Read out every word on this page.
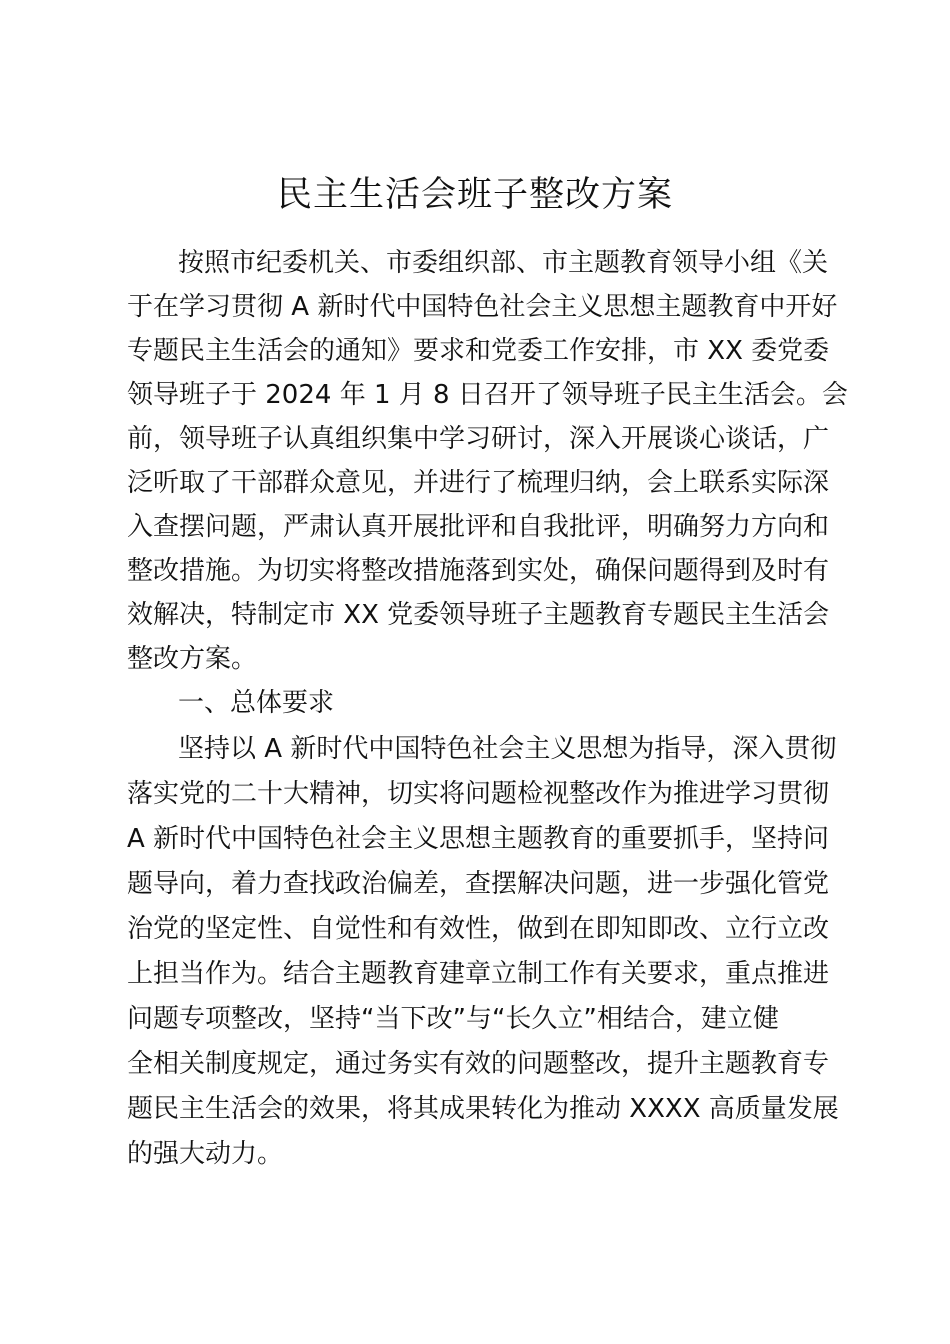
民主生活会班子整改方案
按照市纪委机关、市委组织部、市主题教育领导小组《关
于在学习贯彻 A 新时代中国特色社会主义思想主题教育中开好
专题民主生活会的通知》要求和党委工作安排，市 XX 委党委
领导班子于 2024 年 1 月 8 日召开了领导班子民主生活会。会
前，领导班子认真组织集中学习研讨，深入开展谈心谈话，广
泛听取了干部群众意见，并进行了梳理归纳，会上联系实际深
入查摆问题，严肃认真开展批评和自我批评，明确努力方向和
整改措施。为切实将整改措施落到实处，确保问题得到及时有
效解决，特制定市 XX 党委领导班子主题教育专题民主生活会
整改方案。
一、总体要求
坚持以 A 新时代中国特色社会主义思想为指导，深入贯彻
落实党的二十大精神，切实将问题检视整改作为推进学习贯彻
A 新时代中国特色社会主义思想主题教育的重要抓手，坚持问
题导向，着力查找政治偏差，查摆解决问题，进一步强化管党
治党的坚定性、自觉性和有效性，做到在即知即改、立行立改
上担当作为。结合主题教育建章立制工作有关要求，重点推进
问题专项整改，坚持“当下改”与“长久立”相结合，建立健
全相关制度规定，通过务实有效的问题整改，提升主题教育专
题民主生活会的效果，将其成果转化为推动 XXXX 高质量发展
的强大动力。
